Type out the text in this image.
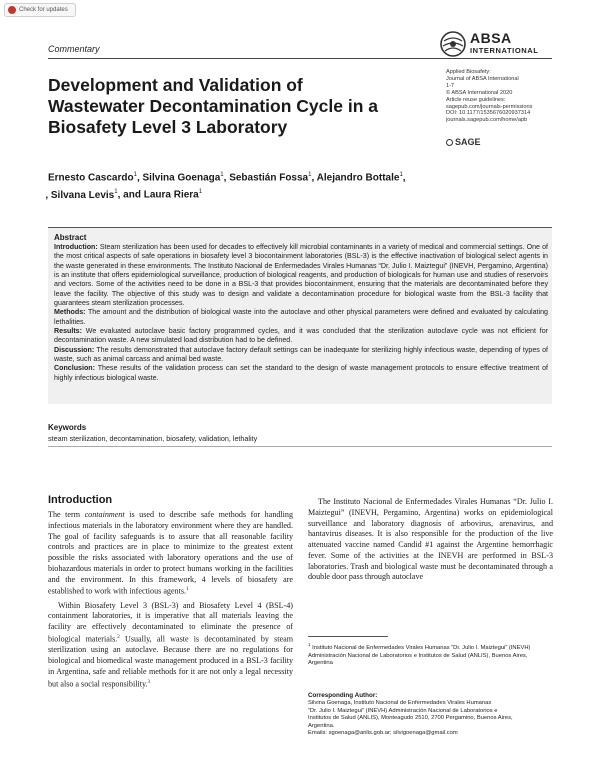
Check for updates
Commentary
ABSA
INTERNATIONAL
Development and Validation of Wastewater Decontamination Cycle in a Biosafety Level 3 Laboratory
Applied Biosafety:
Journal of ABSA International
1-7
© ABSA International 2020
Article reuse guidelines:
sagepub.com/journals-permissions
DOI: 10.1177/1535676020937314
journals.sagepub.com/home/apb
SAGE
Ernesto Cascardo$^1$, Silvina Goenaga$^1$, Sebastián Fossa$^1$, Alejandro Bottale$^1$,
, Silvana Levis$^1$, and Laura Riera$^1$
Abstract

Introduction: Steam sterilization has been used for decades to effectively kill microbial contaminants in a variety of medical and commercial settings. One of the most critical aspects of safe operations in biosafety level 3 biocontainment laboratories (BSL-3) is the effective inactivation of biological select agents in the waste generated in these environments. The Instituto Nacional de Enfermedades Virales Humanas “Dr. Julio I. Maiztegui” (INEVH, Pergamino, Argentina) is an institute that offers epidemiological surveillance, production of biological reagents, and production of biologicals for human use and studies of reservoirs and vectors. Some of the activities need to be done in a BSL-3 that provides biocontainment, ensuring that the materials are decontaminated before they leave the facility. The objective of this study was to design and validate a decontamination procedure for biological waste from the BSL-3 facility that guarantees steam sterilization processes.

Methods: The amount and the distribution of biological waste into the autoclave and other physical parameters were defined and evaluated by calculating lethalities.

Results: We evaluated autoclave basic factory programmed cycles, and it was concluded that the sterilization autoclave cycle was not efficient for decontamination waste. A new simulated load distribution had to be defined.

Discussion: The results demonstrated that autoclave factory default settings can be inadequate for sterilizing highly infectious waste, depending of types of waste, such as animal carcass and animal bed waste.

Conclusion: These results of the validation process can set the standard to the design of waste management protocols to ensure effective treatment of highly infectious biological waste.

Keywords
steam sterilization, decontamination, biosafety, validation, lethality
Introduction

The term containment is used to describe safe methods for handling infectious materials in the laboratory environment where they are handled. The goal of facility safeguards is to assure that all reasonable facility controls and practices are in place to minimize to the greatest extent possible the risks associated with laboratory operations and the use of biohazardous materials in order to protect humans working in the facilities and the environment. In this framework, 4 levels of biosafety are established to work with infectious agents.$^1$

Within Biosafety Level 3 (BSL-3) and Biosafety Level 4 (BSL-4) containment laboratories, it is imperative that all materials leaving the facility are effectively decontaminated to eliminate the presence of biological materials.$^2$ Usually, all waste is decontaminated by steam sterilization using an autoclave. Because there are no regulations for biological and biomedical waste management produced in a BSL-3 facility in Argentina, safe and reliable methods for it are not only a legal necessity but also a social responsibility.$^3$

The Instituto Nacional de Enfermedades Virales Humanas “Dr. Julio I. Maiztegui” (INEVH, Pergamino, Argentina) works on epidemiological surveillance and laboratory diagnosis of arbovirus, arenavirus, and hantavirus diseases. It is also responsible for the production of the live attenuated vaccine named Candid #1 against the Argentine hemorrhagic fever. Some of the activities at the INEVH are performed in BSL-3 laboratories. Trash and biological waste must be decontaminated through a double door pass through autoclave

$^1$ Instituto Nacional de Enfermedades Virales Humanas “Dr. Julio I. Maiztegui” (INEVH) Administración Nacional de Laboratorios e Institutos de Salud (ANLIS), Buenos Aires, Argentina
Corresponding Author:
Silvina Goenaga, Instituto Nacional de Enfermedades Virales Humanas
“Dr. Julio I. Maiztegui” (INEVH) Administración Nacional de Laboratorios e
Institutos de Salud (ANLIS), Monteagudo 2510, 2700 Pergamino, Buenos Aires,
Argentina.
Emails: sgoenaga@anlis.gob.ar; silvigoenaga@gmail.com
